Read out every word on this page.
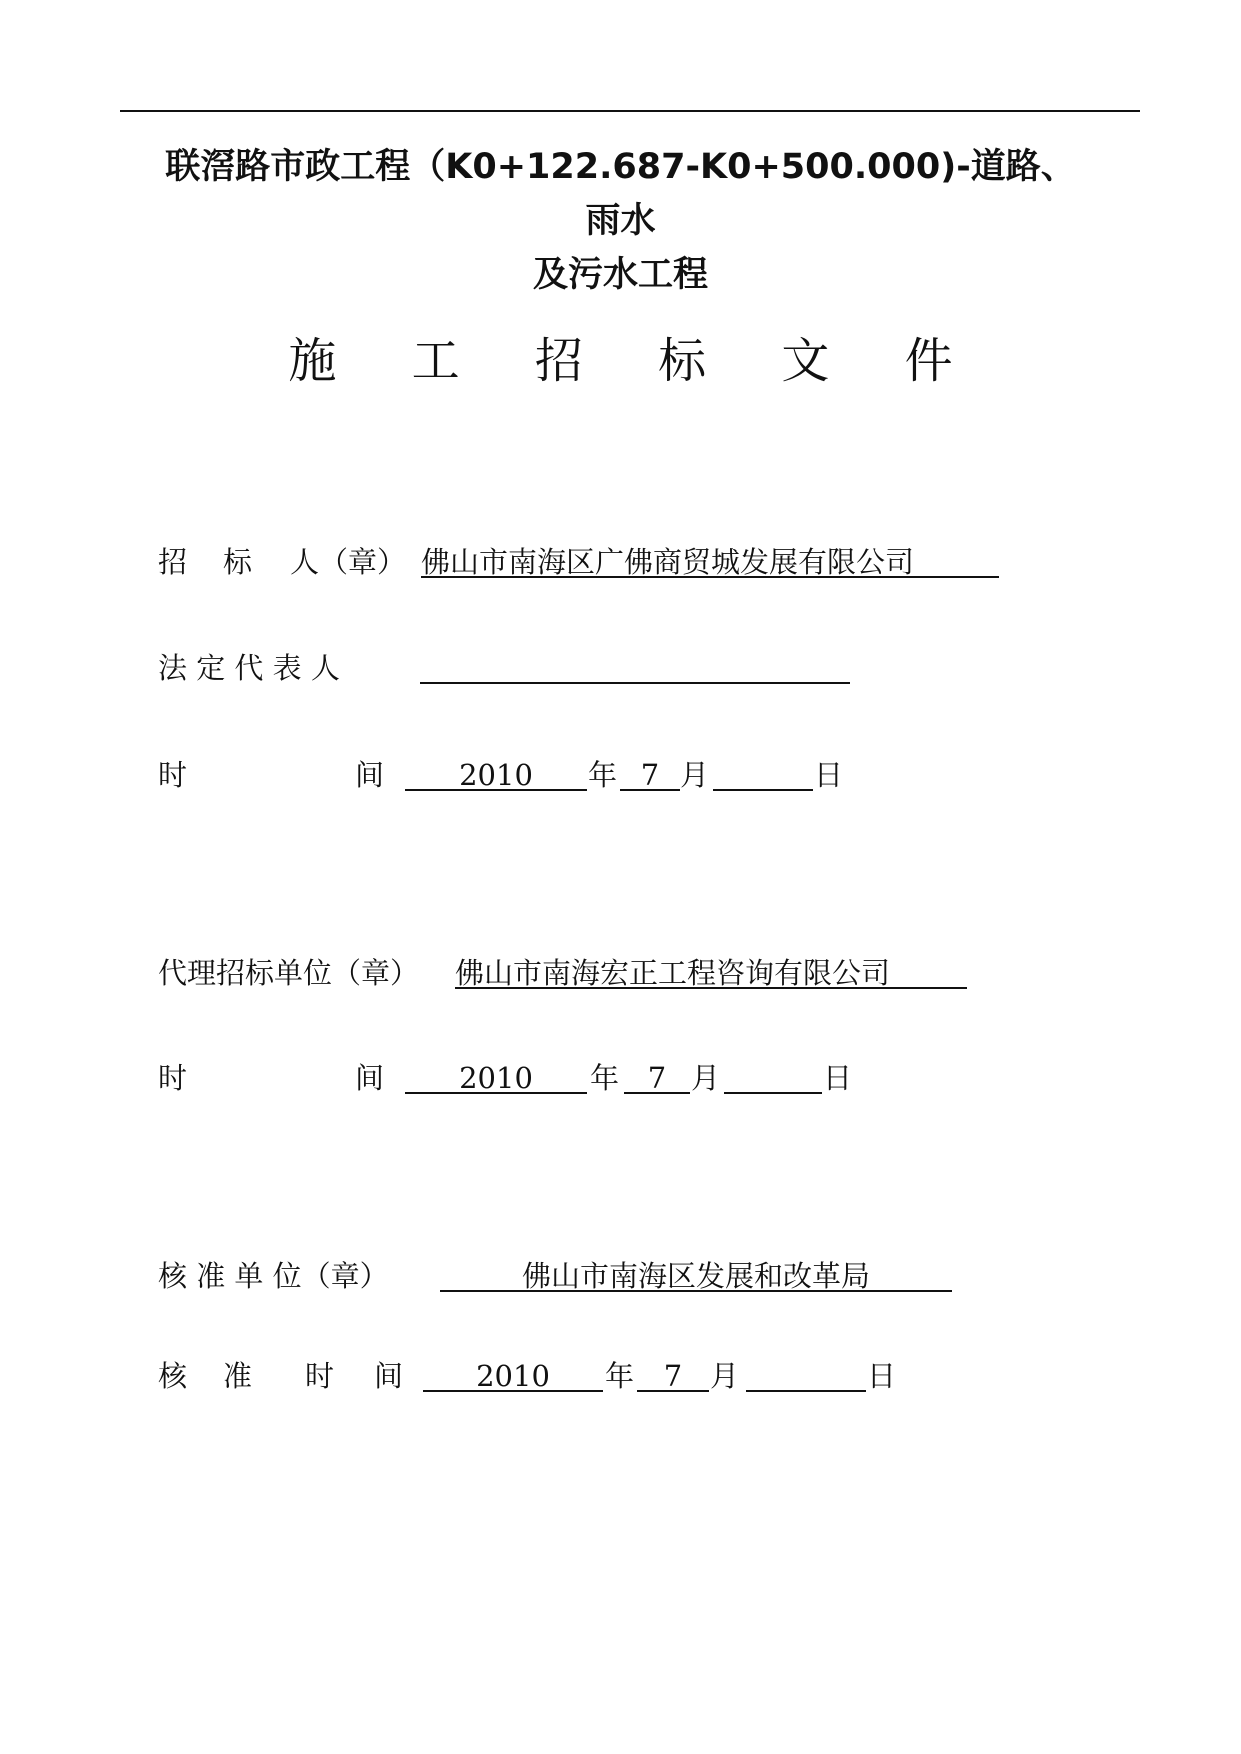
联滘路市政工程（K0+122.687-K0+500.000)-道路、雨水
及污水工程
施 工 招 标 文 件
招 标 人（章） 佛山市南海区广佛商贸城发展有限公司
法 定 代 表 人
时	间	2010	年 7 月	日
代理招标单位（章） 佛山市南海宏正工程咨询有限公司
时	间	2010	年 7 月	日
核 准 单 位（章）	佛山市南海区发展和改革局
核 准 时 间	2010	年	7 月	日
